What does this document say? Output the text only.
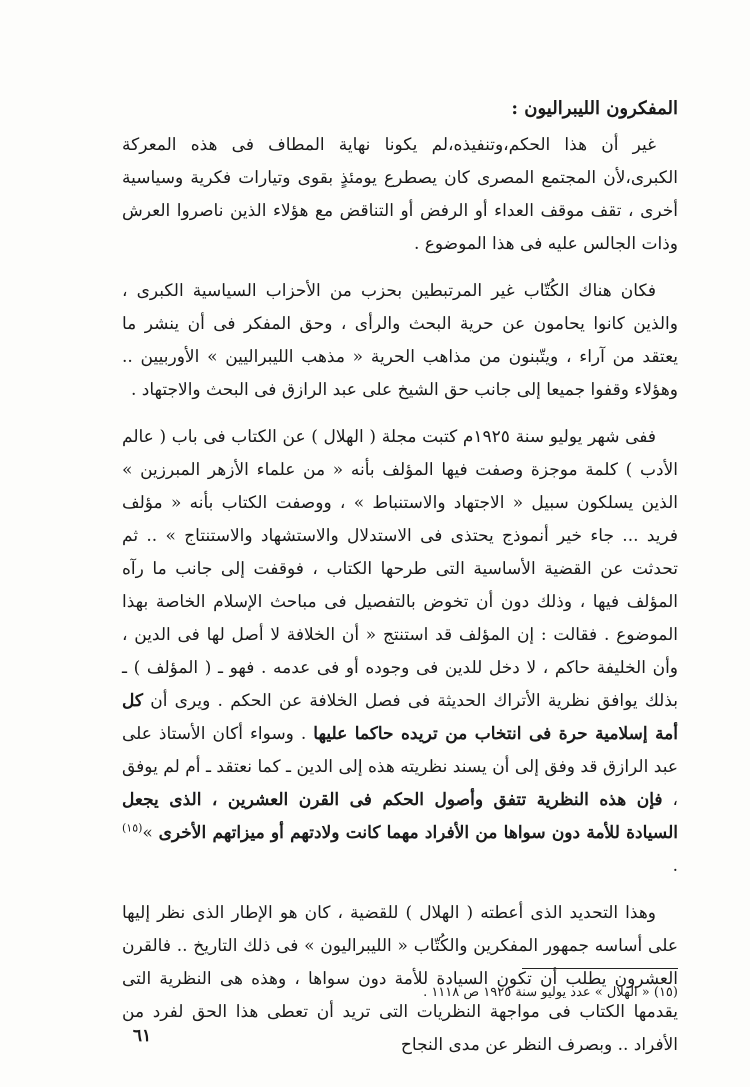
المفكرون الليبراليون :

غير أن هذا الحكم،وتنفيذه،لم يكونا نهاية المطاف فى هذه المعركة الكبرى،لأن المجتمع المصرى كان يصطرع يومئذٍ بقوى وتيارات فكرية وسياسية أخرى ، تقف موقف العداء أو الرفض أو التناقض مع هؤلاء الذين ناصروا العرش وذات الجالس عليه فى هذا الموضوع .

فكان هناك الكُتّاب غير المرتبطين بحزب من الأحزاب السياسية الكبرى ، والذين كانوا يحامون عن حرية البحث والرأى ، وحق المفكر فى أن ينشر ما يعتقد من آراء ، ويتّبنون من مذاهب الحرية « مذهب الليبراليين » الأوربيين .. وهؤلاء وقفوا جميعا إلى جانب حق الشيخ على عبد الرازق فى البحث والاجتهاد .

ففى شهر يوليو سنة ١٩٢٥م كتبت مجلة ( الهلال ) عن الكتاب فى باب ( عالم الأدب ) كلمة موجزة وصفت فيها المؤلف بأنه « من علماء الأزهر المبرزين » الذين يسلكون سبيل « الاجتهاد والاستنباط » ، ووصفت الكتاب بأنه « مؤلف فريد ... جاء خير أنموذج يحتذى فى الاستدلال والاستشهاد والاستنتاج » .. ثم تحدثت عن القضية الأساسية التى طرحها الكتاب ، فوقفت إلى جانب ما رآه المؤلف فيها ، وذلك دون أن تخوض بالتفصيل فى مباحث الإسلام الخاصة بهذا الموضوع . فقالت : إن المؤلف قد استنتج « أن الخلافة لا أصل لها فى الدين ، وأن الخليفة حاكم ، لا دخل للدين فى وجوده أو فى عدمه . فهو ـ ( المؤلف ) ـ بذلك يوافق نظرية الأتراك الحديثة فى فصل الخلافة عن الحكم . ويرى أن كل أمة إسلامية حرة فى انتخاب من تريده حاكما عليها . وسواء أكان الأستاذ على عبد الرازق قد وفق إلى أن يسند نظريته هذه إلى الدين ـ كما نعتقد ـ أم لم يوفق ، فإن هذه النظرية تتفق وأصول الحكم فى القرن العشرين ، الذى يجعل السيادة للأمة دون سواها من الأفراد مهما كانت ولادتهم أو ميزاتهم الأخرى »$^{(١٥)}$ .

وهذا التحديد الذى أعطته ( الهلال ) للقضية ، كان هو الإطار الذى نظر إليها على أساسه جمهور المفكرين والكُتّاب « الليبراليون » فى ذلك التاريخ .. فالقرن العشرون يطلب أن تكون السيادة للأمة دون سواها ، وهذه هى النظرية التى يقدمها الكتاب فى مواجهة النظريات التى تريد أن تعطى هذا الحق لفرد من الأفراد .. وبصرف النظر عن مدى النجاح

(١٥) « الهلال » عدد يوليو سنة ١٩٢٥ ص ١١١٨ .
٦١
